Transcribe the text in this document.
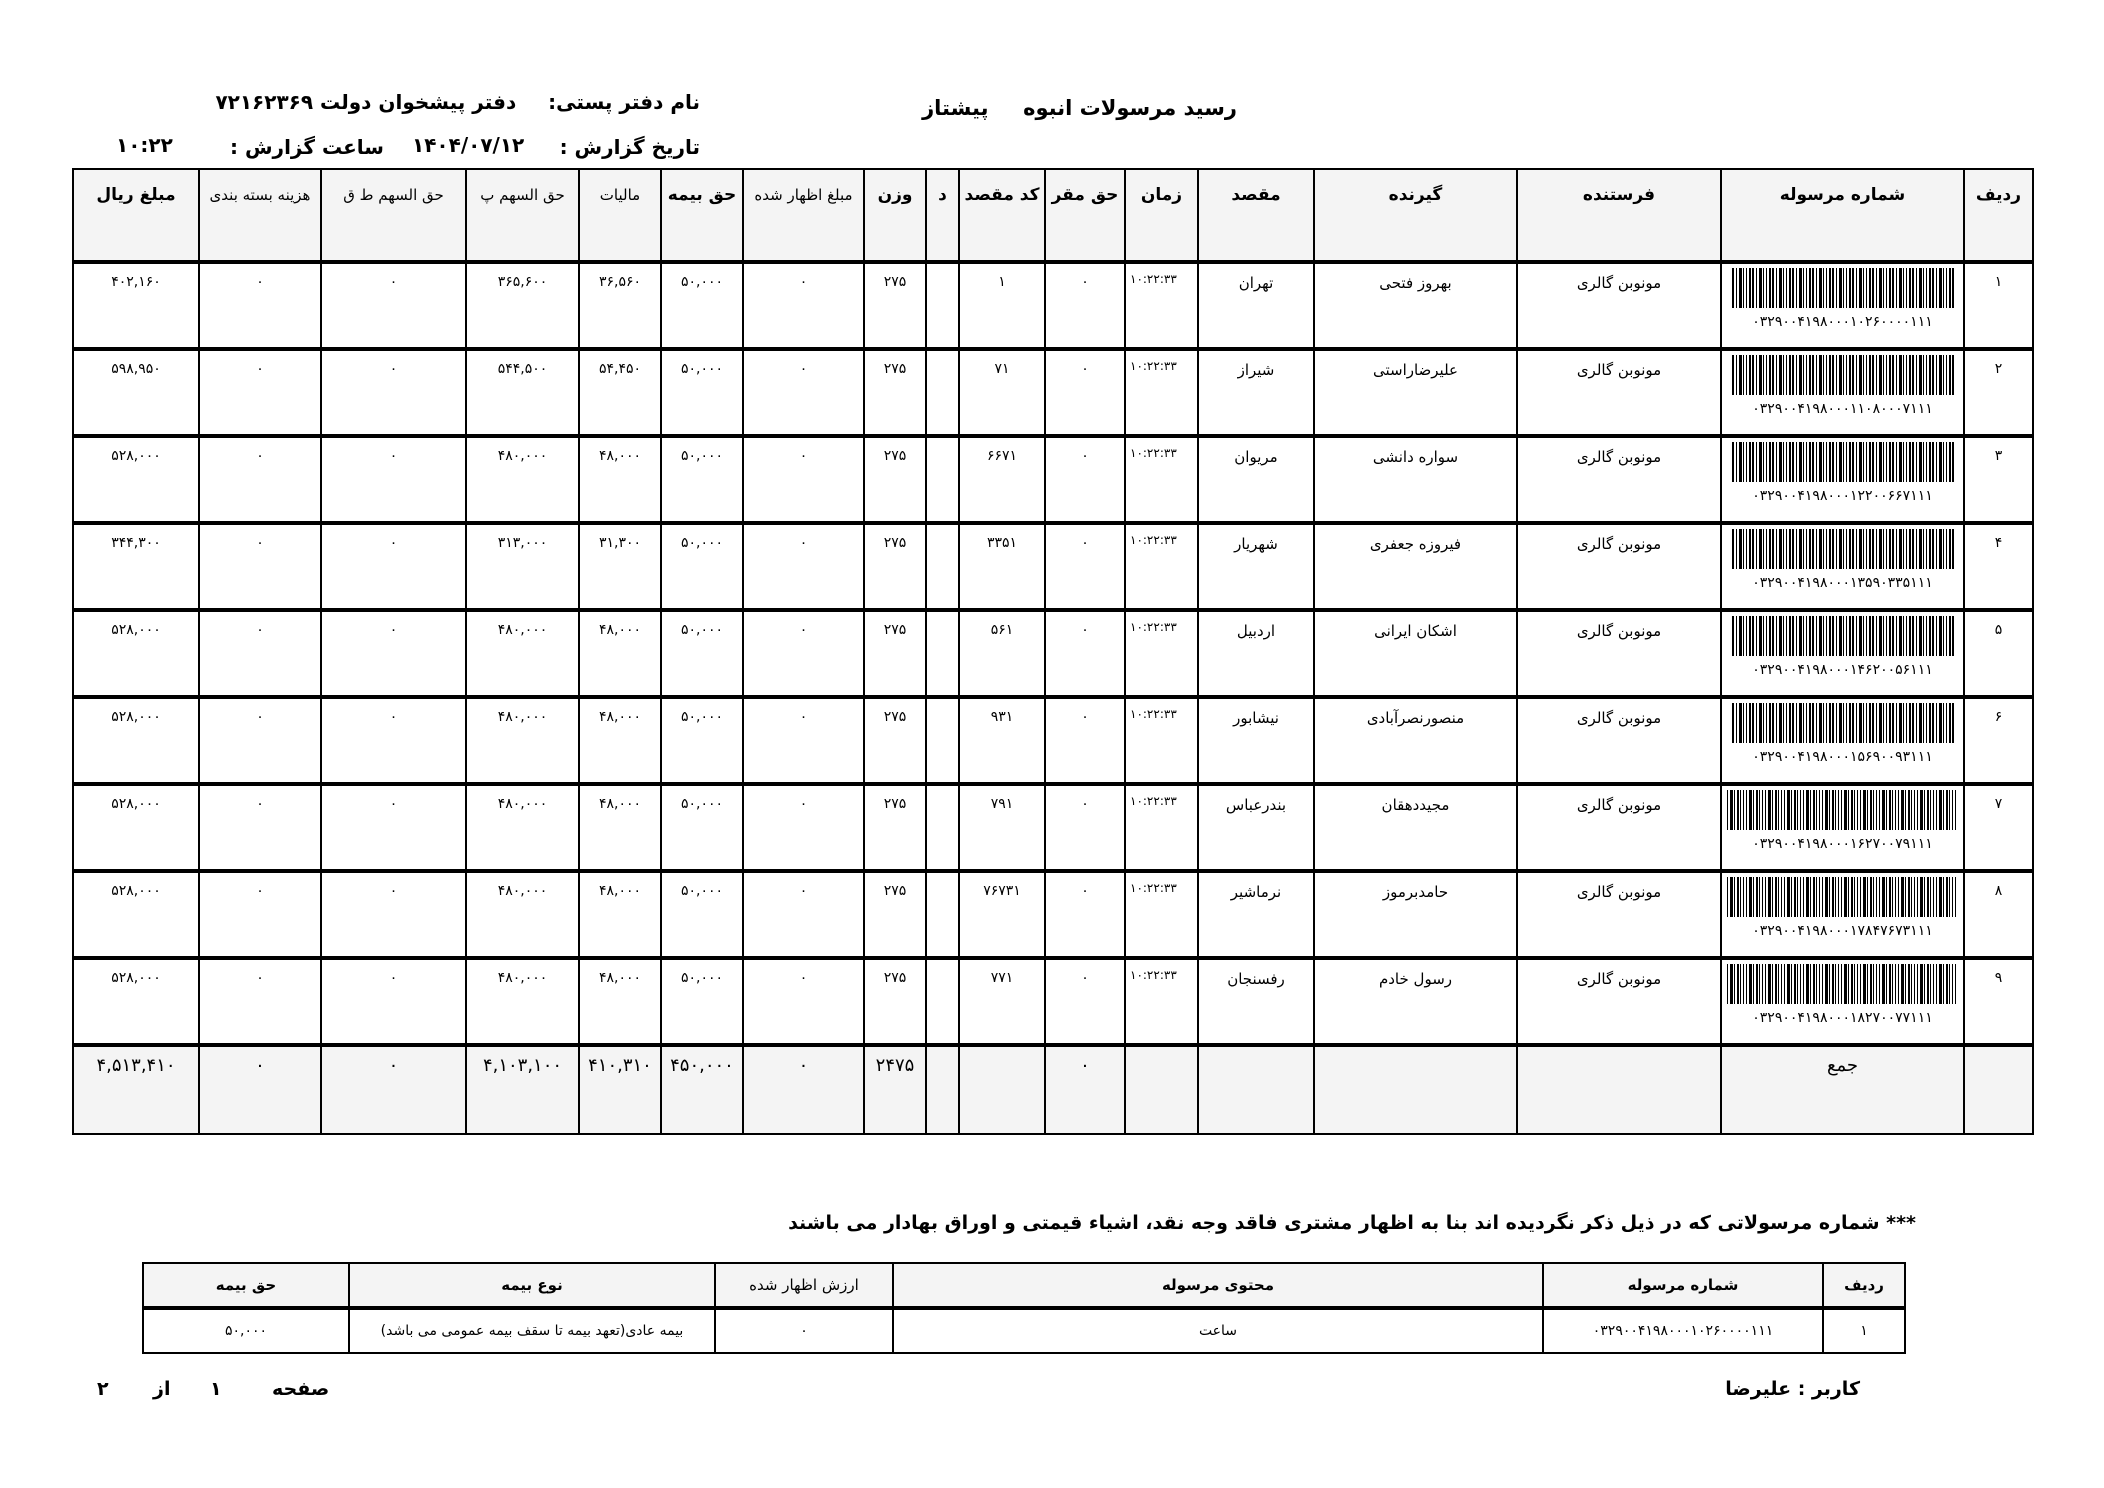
رسید مرسولات انبوه  پیشتاز
نام دفتر پستی:  دفتر پیشخوان دولت ۷۲۱۶۲۳۶۹
تاریخ گزارش :
۱۴۰۴/۰۷/۱۲
ساعت گزارش :
۱۰:۲۲
ردیف	شماره مرسوله	فرستنده	گیرنده	مقصد	زمان	حق مقر	کد مقصد	د	وزن	مبلغ اظهار شده	حق بیمه	مالیات	حق السهم پ	حق السهم ط ق	هزینه بسته بندی	مبلغ ریال
۱	۰۳۲۹۰۰۴۱۹۸۰۰۰۱۰۲۶۰۰۰۰۱۱۱	مونوبن گالری	بهروز فتحی	تهران	۱۰:۲۲:۳۳	۰	۱		۲۷۵	۰	۵۰,۰۰۰	۳۶,۵۶۰	۳۶۵,۶۰۰	۰	۰	۴۰۲,۱۶۰
۲	۰۳۲۹۰۰۴۱۹۸۰۰۰۱۱۰۸۰۰۰۷۱۱۱	مونوبن گالری	علیرضاراستی	شیراز	۱۰:۲۲:۳۳	۰	۷۱		۲۷۵	۰	۵۰,۰۰۰	۵۴,۴۵۰	۵۴۴,۵۰۰	۰	۰	۵۹۸,۹۵۰
۳	۰۳۲۹۰۰۴۱۹۸۰۰۰۱۲۲۰۰۶۶۷۱۱۱	مونوبن گالری	سواره دانشی	مریوان	۱۰:۲۲:۳۳	۰	۶۶۷۱		۲۷۵	۰	۵۰,۰۰۰	۴۸,۰۰۰	۴۸۰,۰۰۰	۰	۰	۵۲۸,۰۰۰
۴	۰۳۲۹۰۰۴۱۹۸۰۰۰۱۳۵۹۰۳۳۵۱۱۱	مونوبن گالری	فیروزه جعفری	شهریار	۱۰:۲۲:۳۳	۰	۳۳۵۱		۲۷۵	۰	۵۰,۰۰۰	۳۱,۳۰۰	۳۱۳,۰۰۰	۰	۰	۳۴۴,۳۰۰
۵	۰۳۲۹۰۰۴۱۹۸۰۰۰۱۴۶۲۰۰۵۶۱۱۱	مونوبن گالری	اشکان ایرانی	اردبیل	۱۰:۲۲:۳۳	۰	۵۶۱		۲۷۵	۰	۵۰,۰۰۰	۴۸,۰۰۰	۴۸۰,۰۰۰	۰	۰	۵۲۸,۰۰۰
۶	۰۳۲۹۰۰۴۱۹۸۰۰۰۱۵۶۹۰۰۹۳۱۱۱	مونوبن گالری	منصورنصرآبادی	نیشابور	۱۰:۲۲:۳۳	۰	۹۳۱		۲۷۵	۰	۵۰,۰۰۰	۴۸,۰۰۰	۴۸۰,۰۰۰	۰	۰	۵۲۸,۰۰۰
۷	۰۳۲۹۰۰۴۱۹۸۰۰۰۱۶۲۷۰۰۷۹۱۱۱	مونوبن گالری	مجیددهقان	بندرعباس	۱۰:۲۲:۳۳	۰	۷۹۱		۲۷۵	۰	۵۰,۰۰۰	۴۸,۰۰۰	۴۸۰,۰۰۰	۰	۰	۵۲۸,۰۰۰
۸	۰۳۲۹۰۰۴۱۹۸۰۰۰۱۷۸۴۷۶۷۳۱۱۱	مونوبن گالری	حامدبرموز	نرماشیر	۱۰:۲۲:۳۳	۰	۷۶۷۳۱		۲۷۵	۰	۵۰,۰۰۰	۴۸,۰۰۰	۴۸۰,۰۰۰	۰	۰	۵۲۸,۰۰۰
۹	۰۳۲۹۰۰۴۱۹۸۰۰۰۱۸۲۷۰۰۷۷۱۱۱	مونوبن گالری	رسول خادم	رفسنجان	۱۰:۲۲:۳۳	۰	۷۷۱		۲۷۵	۰	۵۰,۰۰۰	۴۸,۰۰۰	۴۸۰,۰۰۰	۰	۰	۵۲۸,۰۰۰
	جمع					۰			۲۴۷۵	۰	۴۵۰,۰۰۰	۴۱۰,۳۱۰	۴,۱۰۳,۱۰۰	۰	۰	۴,۵۱۳,۴۱۰
*** شماره مرسولاتی که در ذیل ذکر نگردیده اند بنا به اظهار مشتری فاقد وجه نقد، اشیاء قیمتی و اوراق بهادار می باشند
ردیف	شماره مرسوله	محتوی مرسوله	ارزش اظهار شده	نوع بیمه	حق بیمه
۱	۰۳۲۹۰۰۴۱۹۸۰۰۰۱۰۲۶۰۰۰۰۱۱۱	ساعت	۰	بیمه عادی(تعهد بیمه تا سقف بیمه عمومی می باشد)	۵۰,۰۰۰
کاربر : علیرضا
صفحه
۱
از
۲
